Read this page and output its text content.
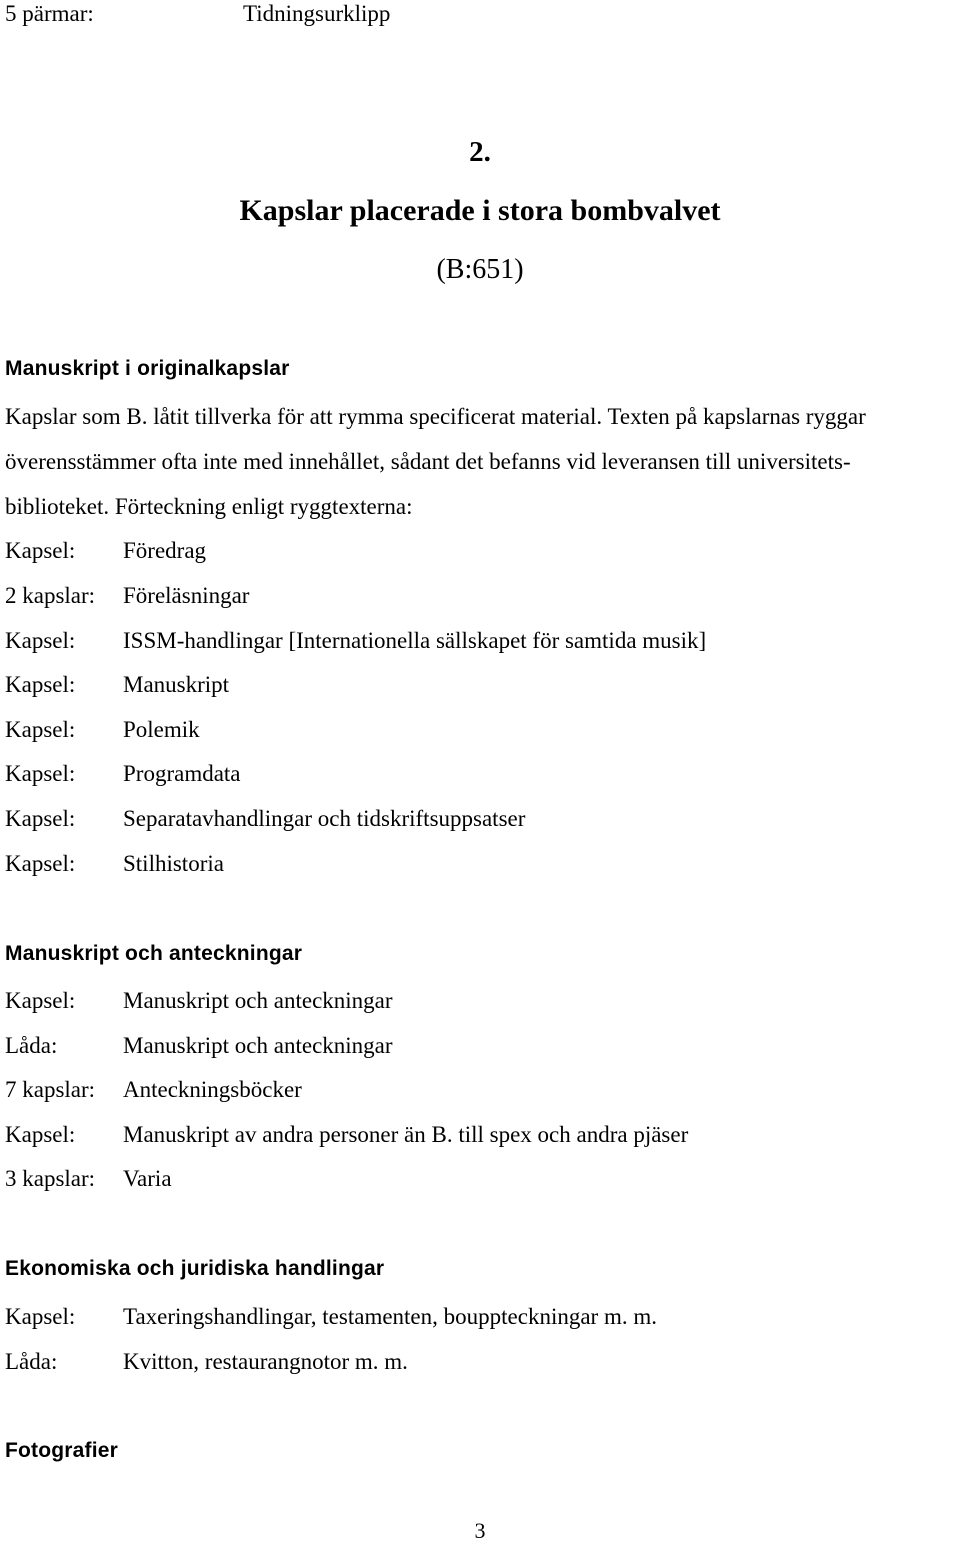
5 pärmar:	Tidningsurklipp
2.
Kapslar placerade i stora bombvalvet
(B:651)
Manuskript i originalkapslar
Kapslar som B. låtit tillverka för att rymma specificerat material. Texten på kapslarnas ryggar
överensstämmer ofta inte med innehållet, sådant det befanns vid leveransen till universitets-
biblioteket. Förteckning enligt ryggtexterna:
Kapsel: Föredrag
2 kapslar: Föreläsningar
Kapsel: ISSM-handlingar [Internationella sällskapet för samtida musik]
Kapsel: Manuskript
Kapsel: Polemik
Kapsel: Programdata
Kapsel: Separatavhandlingar och tidskriftsuppsatser
Kapsel: Stilhistoria
Manuskript och anteckningar
Kapsel: Manuskript och anteckningar
Låda:	Manuskript och anteckningar
7 kapslar: Anteckningsböcker
Kapsel: Manuskript av andra personer än B. till spex och andra pjäser
3 kapslar: Varia
Ekonomiska och juridiska handlingar
Kapsel: Taxeringshandlingar, testamenten, bouppteckningar m. m.
Låda:	Kvitton, restaurangnotor m. m.
Fotografier
3
